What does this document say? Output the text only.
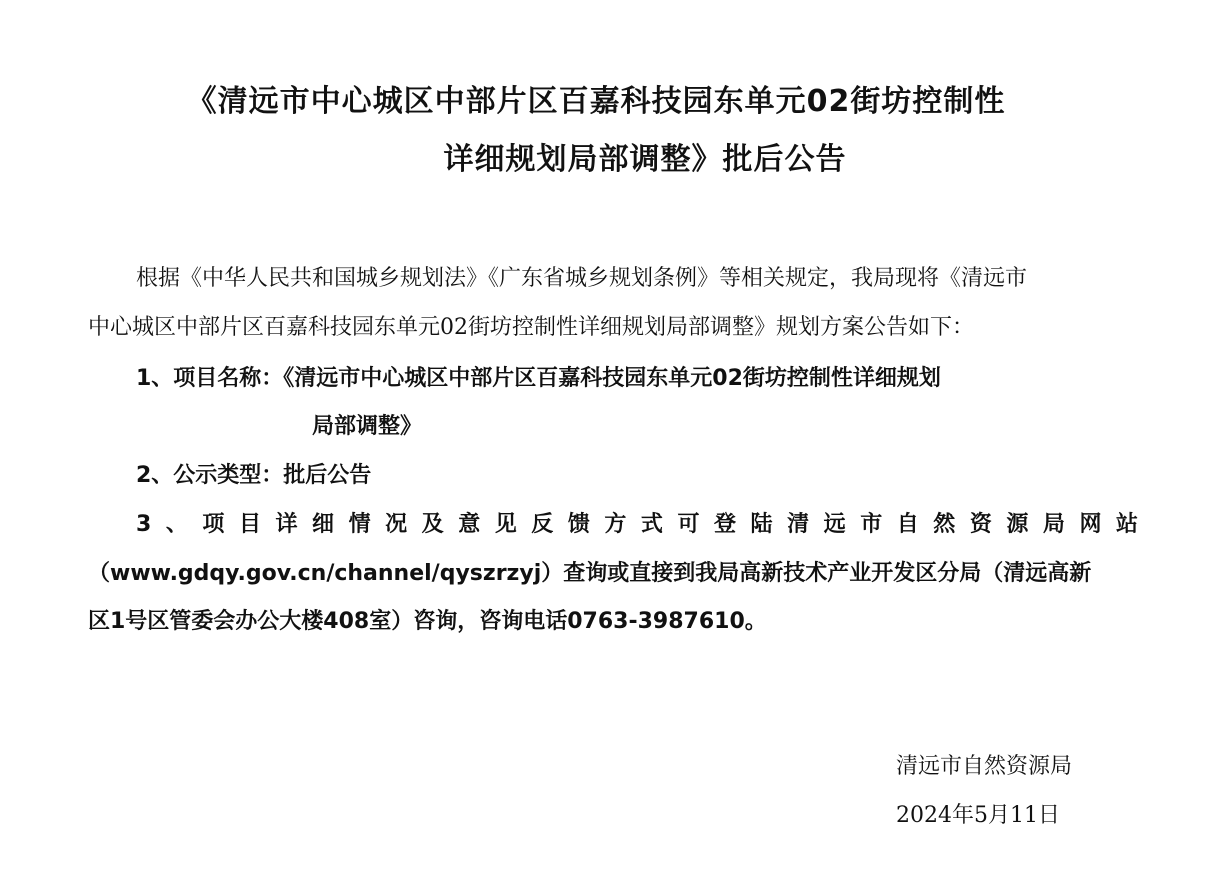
《清远市中心城区中部片区百嘉科技园东单元02街坊控制性
详细规划局部调整》批后公告
根据《中华人民共和国城乡规划法》《广东省城乡规划条例》等相关规定，我局现将《清远市
中心城区中部片区百嘉科技园东单元02街坊控制性详细规划局部调整》规划方案公告如下：
1、项目名称：《清远市中心城区中部片区百嘉科技园东单元02街坊控制性详细规划
局部调整》
2、公示类型：批后公告
3、项目详细情况及意见反馈方式可登陆清远市自然资源局网站
（www.gdqy.gov.cn/channel/qyszrzyj）查询或直接到我局高新技术产业开发区分局（清远高新
区1号区管委会办公大楼408室）咨询，咨询电话0763-3987610。
清远市自然资源局
2024年5月11日
